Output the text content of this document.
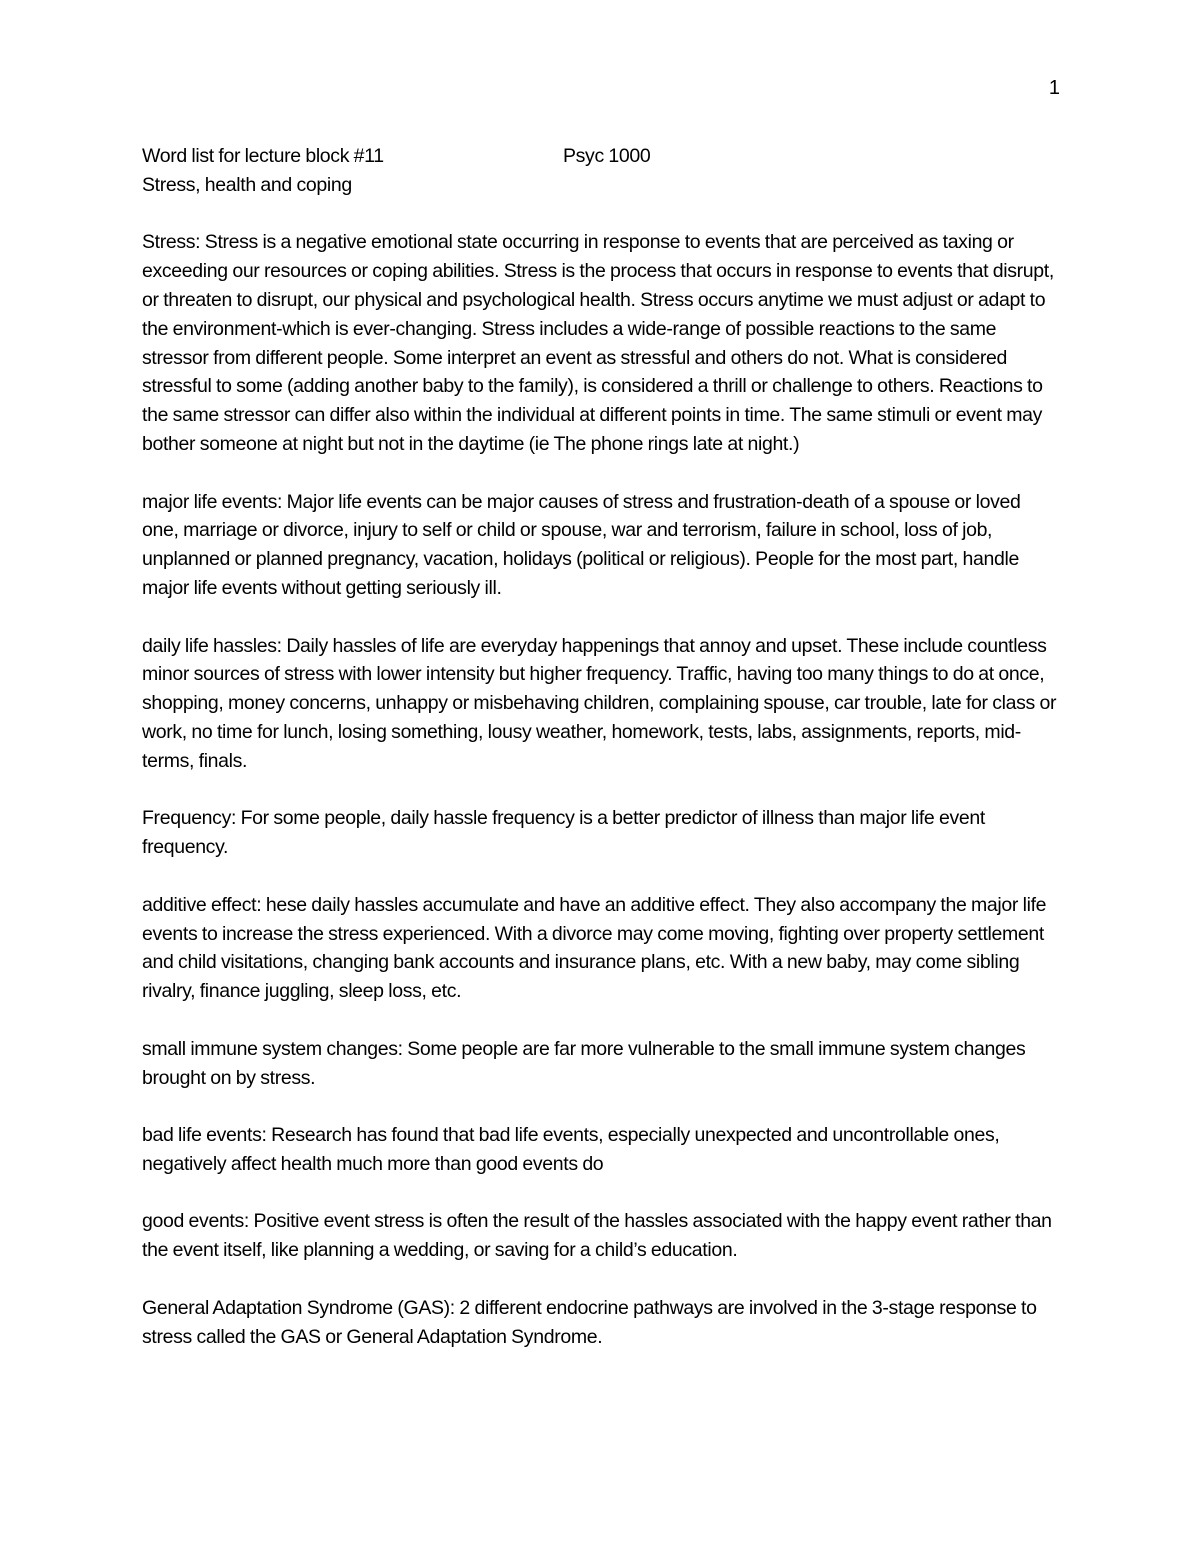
1
Word list for lecture block #11	Psyc 1000
Stress, health and coping

Stress: Stress is a negative emotional state occurring in response to events that are perceived as taxing or exceeding our resources or coping abilities. Stress is the process that occurs in response to events that disrupt, or threaten to disrupt, our physical and psychological health. Stress occurs anytime we must adjust or adapt to the environment-which is ever-changing. Stress includes a wide-range of possible reactions to the same stressor from different people. Some interpret an event as stressful and others do not. What is considered stressful to some (adding another baby to the family), is considered a thrill or challenge to others. Reactions to the same stressor can differ also within the individual at different points in time. The same stimuli or event may bother someone at night but not in the daytime (ie The phone rings late at night.)

major life events: Major life events can be major causes of stress and frustration-death of a spouse or loved one, marriage or divorce, injury to self or child or spouse, war and terrorism, failure in school, loss of job, unplanned or planned pregnancy, vacation, holidays (political or religious). People for the most part, handle major life events without getting seriously ill.

daily life hassles: Daily hassles of life are everyday happenings that annoy and upset. These include countless minor sources of stress with lower intensity but higher frequency. Traffic, having too many things to do at once, shopping, money concerns, unhappy or misbehaving children, complaining spouse, car trouble, late for class or work, no time for lunch, losing something, lousy weather, homework, tests, labs, assignments, reports, mid-terms, finals.

Frequency: For some people, daily hassle frequency is a better predictor of illness than major life event frequency.

additive effect: hese daily hassles accumulate and have an additive effect. They also accompany the major life events to increase the stress experienced. With a divorce may come moving, fighting over property settlement and child visitations, changing bank accounts and insurance plans, etc. With a new baby, may come sibling rivalry, finance juggling, sleep loss, etc.

small immune system changes: Some people are far more vulnerable to the small immune system changes brought on by stress.

bad life events: Research has found that bad life events, especially unexpected and uncontrollable ones, negatively affect health much more than good events do

good events: Positive event stress is often the result of the hassles associated with the happy event rather than the event itself, like planning a wedding, or saving for a child’s education.

General Adaptation Syndrome (GAS): 2 different endocrine pathways are involved in the 3-stage response to stress called the GAS or General Adaptation Syndrome.
